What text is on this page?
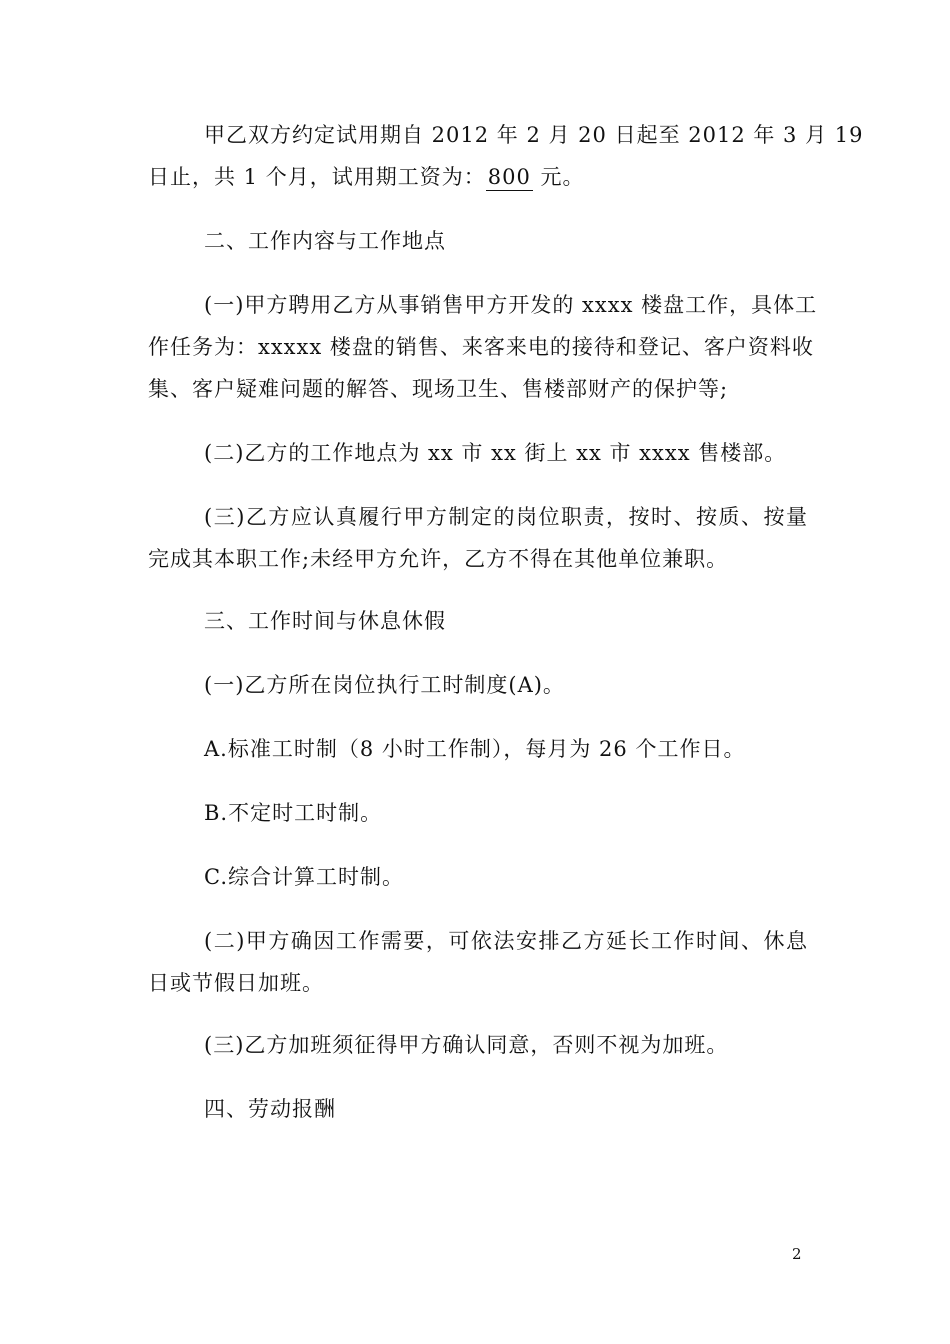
甲乙双方约定试用期自 2012 年 2 月 20 日起至 2012 年 3 月 19
日止，共 1 个月，试用期工资为：800 元。
二、工作内容与工作地点
(一)甲方聘用乙方从事销售甲方开发的 xxxx 楼盘工作，具体工
作任务为：xxxxx 楼盘的销售、来客来电的接待和登记、客户资料收
集、客户疑难问题的解答、现场卫生、售楼部财产的保护等;
(二)乙方的工作地点为 xx 市 xx 街上 xx 市 xxxx 售楼部。
(三)乙方应认真履行甲方制定的岗位职责，按时、按质、按量
完成其本职工作;未经甲方允许，乙方不得在其他单位兼职。
三、工作时间与休息休假
(一)乙方所在岗位执行工时制度(A)。
A.标准工时制（8 小时工作制），每月为 26 个工作日。
B.不定时工时制。
C.综合计算工时制。
(二)甲方确因工作需要，可依法安排乙方延长工作时间、休息
日或节假日加班。
(三)乙方加班须征得甲方确认同意，否则不视为加班。
四、劳动报酬
2
